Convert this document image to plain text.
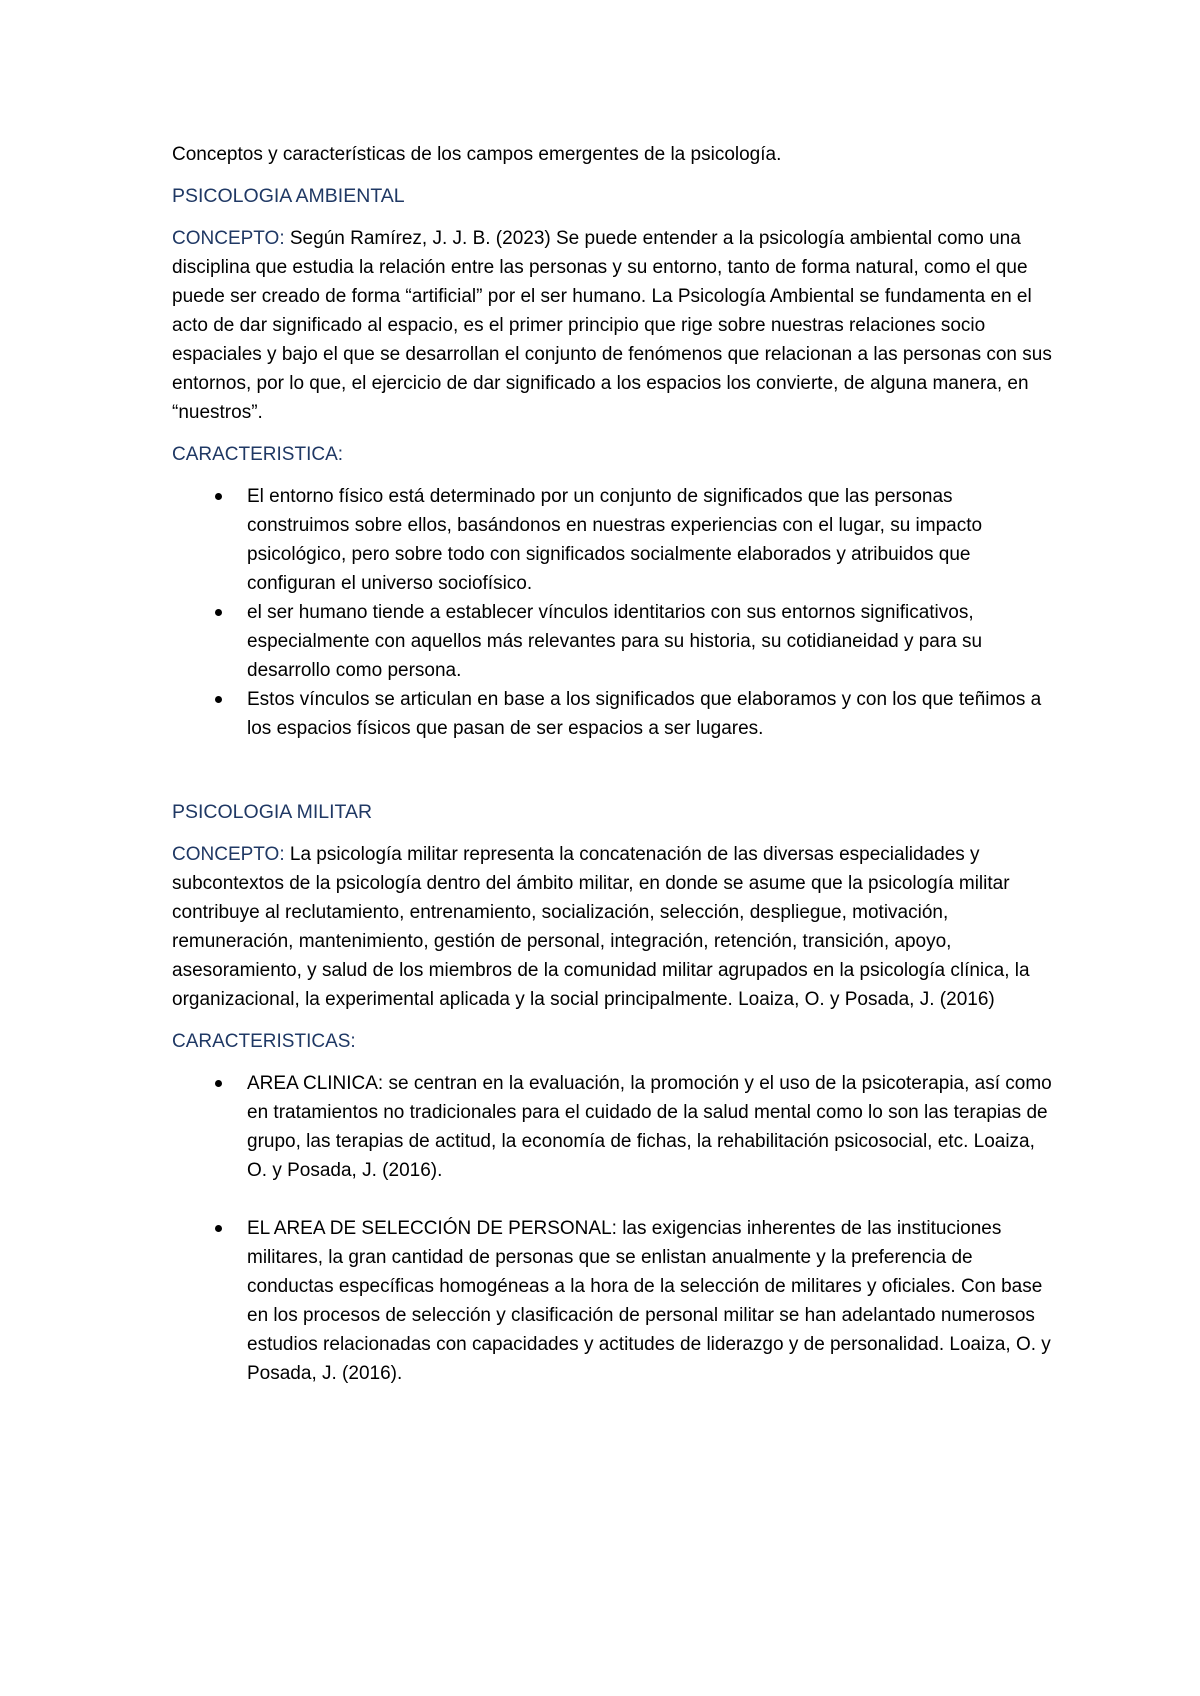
Conceptos y características de los campos emergentes de la psicología.

PSICOLOGIA AMBIENTAL

CONCEPTO: Según Ramírez, J. J. B. (2023) Se puede entender a la psicología ambiental como una disciplina que estudia la relación entre las personas y su entorno, tanto de forma natural, como el que puede ser creado de forma “artificial” por el ser humano. La Psicología Ambiental se fundamenta en el acto de dar significado al espacio, es el primer principio que rige sobre nuestras relaciones socio espaciales y bajo el que se desarrollan el conjunto de fenómenos que relacionan a las personas con sus entornos, por lo que, el ejercicio de dar significado a los espacios los convierte, de alguna manera, en “nuestros”.

CARACTERISTICA:

El entorno físico está determinado por un conjunto de significados que las personas construimos sobre ellos, basándonos en nuestras experiencias con el lugar, su impacto psicológico, pero sobre todo con significados socialmente elaborados y atribuidos que configuran el universo sociofísico.
el ser humano tiende a establecer vínculos identitarios con sus entornos significativos, especialmente con aquellos más relevantes para su historia, su cotidianeidad y para su desarrollo como persona.
Estos vínculos se articulan en base a los significados que elaboramos y con los que teñimos a los espacios físicos que pasan de ser espacios a ser lugares.
PSICOLOGIA MILITAR

CONCEPTO: La psicología militar representa la concatenación de las diversas especialidades y subcontextos de la psicología dentro del ámbito militar, en donde se asume que la psicología militar contribuye al reclutamiento, entrenamiento, socialización, selección, despliegue, motivación, remuneración, mantenimiento, gestión de personal, integración, retención, transición, apoyo, asesoramiento, y salud de los miembros de la comunidad militar agrupados en la psicología clínica, la organizacional, la experimental aplicada y la social principalmente. Loaiza, O. y Posada, J. (2016)

CARACTERISTICAS:

AREA CLINICA: se centran en la evaluación, la promoción y el uso de la psicoterapia, así como en tratamientos no tradicionales para el cuidado de la salud mental como lo son las terapias de grupo, las terapias de actitud, la economía de fichas, la rehabilitación psicosocial, etc. Loaiza, O. y Posada, J. (2016).
EL AREA DE SELECCIÓN DE PERSONAL: las exigencias inherentes de las instituciones militares, la gran cantidad de personas que se enlistan anualmente y la preferencia de conductas específicas homogéneas a la hora de la selección de militares y oficiales. Con base en los procesos de selección y clasificación de personal militar se han adelantado numerosos estudios relacionadas con capacidades y actitudes de liderazgo y de personalidad. Loaiza, O. y Posada, J. (2016).
